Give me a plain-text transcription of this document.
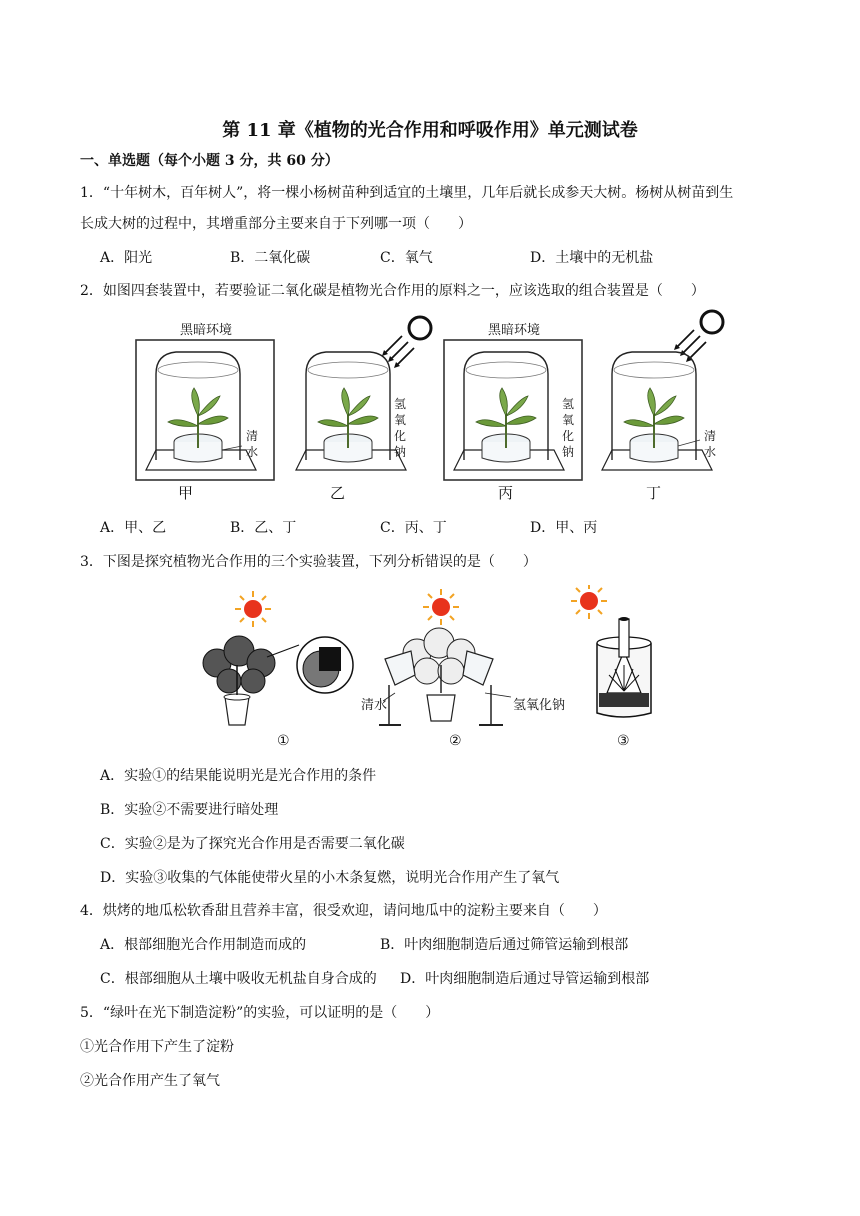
第 11 章《植物的光合作用和呼吸作用》单元测试卷
一、单选题（每个小题 3 分，共 60 分）
1．“十年树木，百年树人”，将一棵小杨树苗种到适宜的土壤里，几年后就长成参天大树。杨树从树苗到生
长成大树的过程中，其增重部分主要来自于下列哪一项（　　）
A．阳光	B．二氧化碳	C．氧气	D．土壤中的无机盐
2．如图四套装置中，若要验证二氧化碳是植物光合作用的原料之一，应该选取的组合装置是（　　）
黑暗环境
清
水
甲
氢
氧
化
钠
乙
黑暗环境
氢
氧
化
钠
丙
清
水
丁
A．甲、乙	B．乙、丁	C．丙、丁	D．甲、丙
3．下图是探究植物光合作用的三个实验装置，下列分析错误的是（　　）
①
清水	氢氧化钠
②	③
A．实验①的结果能说明光是光合作用的条件
B．实验②不需要进行暗处理
C．实验②是为了探究光合作用是否需要二氧化碳
D．实验③收集的气体能使带火星的小木条复燃，说明光合作用产生了氧气
4．烘烤的地瓜松软香甜且营养丰富，很受欢迎，请问地瓜中的淀粉主要来自（　　）
A．根部细胞光合作用制造而成的	B．叶肉细胞制造后通过筛管运输到根部
C．根部细胞从土壤中吸收无机盐自身合成的 D．叶肉细胞制造后通过导管运输到根部
5．“绿叶在光下制造淀粉”的实验，可以证明的是（　　）
①光合作用下产生了淀粉
②光合作用产生了氧气
